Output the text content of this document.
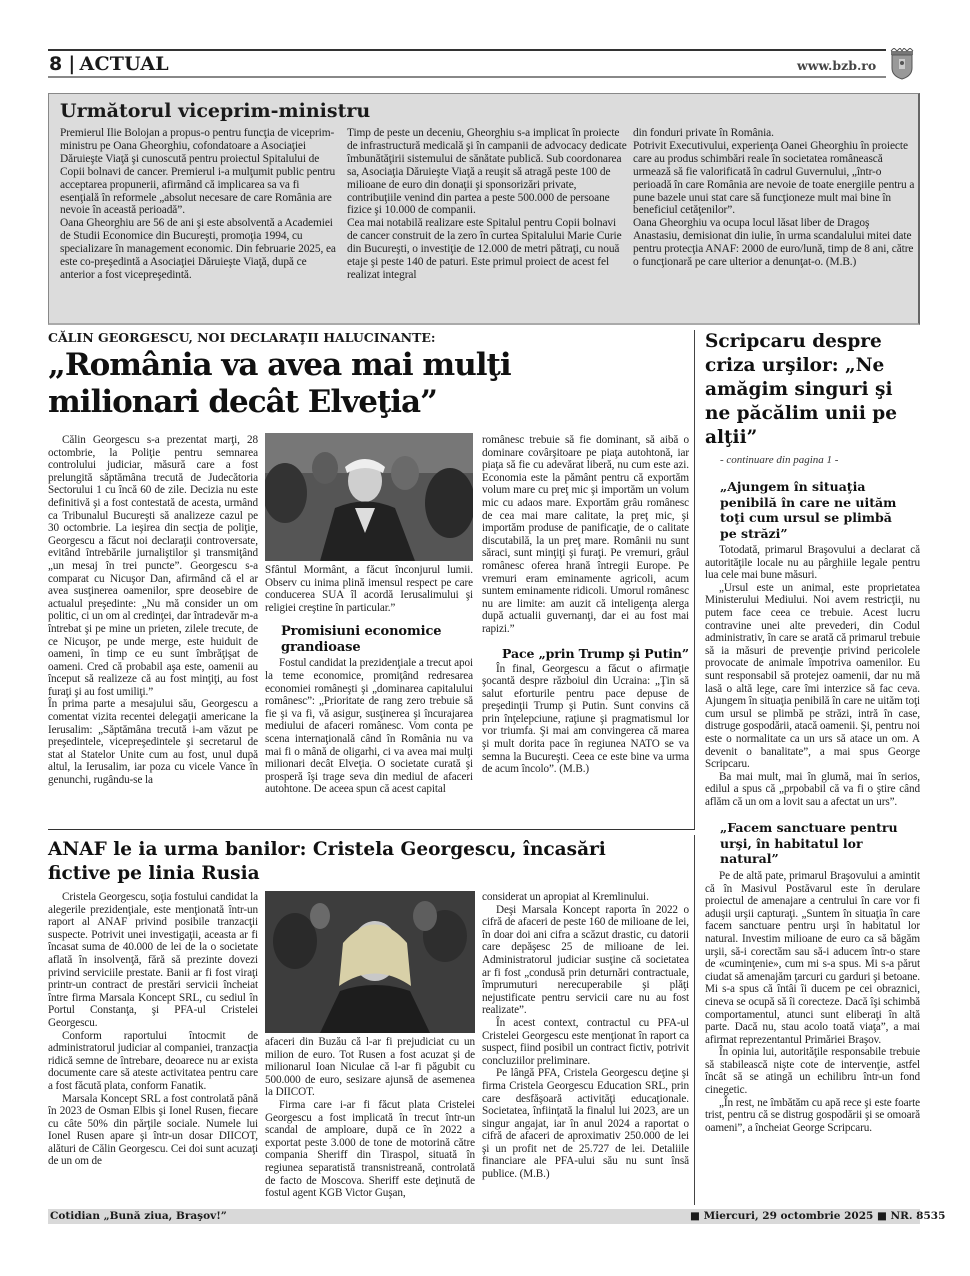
8 | ACTUAL	www.bzb.ro
Următorul viceprim-ministru
Premierul Ilie Bolojan a propus-o pentru funcţia de viceprim-ministru pe Oana Gheorghiu, cofondatoare a Asociaţiei Dăruieşte Viaţă şi cunoscută pentru proiectul Spitalului de Copii bolnavi de cancer. Premierul i-a mulţumit public pentru acceptarea propunerii, afirmând că implicarea sa va fi esenţială în reformele „absolut necesare de care România are nevoie în această perioadă”.
Oana Gheorghiu are 56 de ani şi este absolventă a Academiei de Studii Economice din Bucureşti, promoţia 1994, cu specializare în management economic. Din februarie 2025, ea este co-preşedintă a Asociaţiei Dăruieşte Viaţă, după ce anterior a fost vicepreşedintă.
Timp de peste un deceniu, Gheorghiu s-a implicat în proiecte de infrastructură medicală şi în campanii de advocacy dedicate îmbunătăţirii sistemului de sănătate publică. Sub coordonarea sa, Asociaţia Dăruieşte Viaţă a reuşit să atragă peste 100 de milioane de euro din donaţii şi sponsorizări private, contribuţiile venind din partea a peste 500.000 de persoane fizice şi 10.000 de companii.
Cea mai notabilă realizare este Spitalul pentru Copii bolnavi de cancer construit de la zero în curtea Spitalului Marie Curie din Bucureşti, o investiţie de 12.000 de metri pătraţi, cu nouă etaje şi peste 140 de paturi. Este primul proiect de acest fel realizat integral
din fonduri private în România.
Potrivit Executivului, experienţa Oanei Gheorghiu în proiecte care au produs schimbări reale în societatea românească urmează să fie valorificată în cadrul Guvernului, „într-o perioadă în care România are nevoie de toate energiile pentru a pune bazele unui stat care să funcţioneze mult mai bine în beneficiul cetăţenilor”.
Oana Gheorghiu va ocupa locul lăsat liber de Dragoş Anastasiu, demisionat din iulie, în urma scandalului mitei date pentru protecţia ANAF: 2000 de euro/lună, timp de 8 ani, către o funcţionară pe care ulterior a denunţat-o. (M.B.)
CĂLIN GEORGESCU, NOI DECLARAŢII HALUCINANTE:
„România va avea mai mulţi milionari decât Elveţia”

Călin Georgescu s-a prezentat marţi, 28 octombrie, la Poliţie pentru semnarea controlului judiciar, măsură care a fost prelungită săptămâna trecută de Judecătoria Sectorului 1 cu încă 60 de zile. Decizia nu este definitivă şi a fost contestată de acesta, urmând ca Tribunalul Bucureşti să analizeze cazul pe 30 octombrie. La ieşirea din secţia de poliţie, Georgescu a făcut noi declaraţii controversate, evitând întrebările jurnaliştilor şi transmiţând „un mesaj în trei puncte”. Georgescu s-a comparat cu Nicuşor Dan, afirmând că el ar avea susţinerea oamenilor, spre deosebire de actualul preşedinte: „Nu mă consider un om politic, ci un om al credinţei, dar întradevăr m-a întrebat şi pe mine un prieten, zilele trecute, de ce Nicuşor, pe unde merge, este huiduit de oameni, în timp ce eu sunt îmbrăţişat de oameni. Cred că probabil aşa este, oamenii au început să realizeze că au fost minţiţi, au fost furaţi şi au fost umiliţi.”

În prima parte a mesajului său, Georgescu a comentat vizita recentei delegaţii americane la Ierusalim: „Săptămâna trecută i-am văzut pe preşedintele, vicepreşedintele şi secretarul de stat al Statelor Unite cum au fost, unul după altul, la Ierusalim, iar poza cu vicele Vance în genunchi, rugându-se la

Sfântul Mormânt, a făcut înconjurul lumii. Observ cu inima plină imensul respect pe care conducerea SUA îl acordă Ierusalimului şi religiei creştine în particular.”

Promisiuni economice grandioase

Fostul candidat la prezidenţiale a trecut apoi la teme economice, promiţând redresarea economiei româneşti şi „dominarea capitalului românesc”: „Prioritate de rang zero trebuie să fie şi va fi, vă asigur, susţinerea şi încurajarea mediului de afaceri românesc. Vom conta pe scena internaţională când în România nu va mai fi o mână de oligarhi, ci va avea mai mulţi milionari decât Elveţia. O societate curată şi prosperă îşi trage seva din mediul de afaceri autohtone. De aceea spun că acest capital

românesc trebuie să fie dominant, să aibă o dominare covârşitoare pe piaţa autohtonă, iar piaţa să fie cu adevărat liberă, nu cum este azi. Economia este la pământ pentru că exportăm volum mare cu preţ mic şi importăm un volum mic cu adaos mare. Exportăm grâu românesc de cea mai mare calitate, la preţ mic, şi importăm produse de panificaţie, de o calitate discutabilă, la un preţ mare. Românii nu sunt săraci, sunt minţiţi şi furaţi. Pe vremuri, grâul românesc oferea hrană întregii Europe. Pe vremuri eram eminamente agricoli, acum suntem eminamente ridicoli. Umorul românesc nu are limite: am auzit că inteligenţa alerga după actualii guvernanţi, dar ei au fost mai rapizi.”

Pace „prin Trump şi Putin”

În final, Georgescu a făcut o afirmaţie şocantă despre războiul din Ucraina: „Ţin să salut eforturile pentru pace depuse de preşedinţii Trump şi Putin. Sunt convins că prin înţelepciune, raţiune şi pragmatismul lor vor triumfa. Şi mai am convingerea că marea şi mult dorita pace în regiunea NATO se va semna la Bucureşti. Ceea ce este bine va urma de acum încolo”. (M.B.)

ANAF le ia urma banilor: Cristela Georgescu, încasări fictive pe linia Rusia

Cristela Georgescu, soţia fostului candidat la alegerile prezidenţiale, este menţionată într-un raport al ANAF privind posibile tranzacţii suspecte. Potrivit unei investigaţii, aceasta ar fi încasat suma de 40.000 de lei de la o societate aflată în insolvenţă, fără să prezinte dovezi privind serviciile prestate. Banii ar fi fost viraţi printr-un contract de prestări servicii încheiat între firma Marsala Koncept SRL, cu sediul în Portul Constanţa, şi PFA-ul Cristelei Georgescu.

Conform raportului întocmit de administratorul judiciar al companiei, tranzacţia ridică semne de întrebare, deoarece nu ar exista documente care să ateste activitatea pentru care a fost făcută plata, conform Fanatik.

Marsala Koncept SRL a fost controlată până în 2023 de Osman Elbis şi Ionel Rusen, fiecare cu câte 50% din părţile sociale. Numele lui Ionel Rusen apare şi într-un dosar DIICOT, alături de Călin Georgescu. Cei doi sunt acuzaţi de un om de

afaceri din Buzău că l-ar fi prejudiciat cu un milion de euro. Tot Rusen a fost acuzat şi de milionarul Ioan Niculae că l-ar fi păgubit cu 500.000 de euro, sesizare ajunsă de asemenea la DIICOT.

Firma care i-ar fi făcut plata Cristelei Georgescu a fost implicată în trecut într-un scandal de amploare, după ce în 2022 a exportat peste 3.000 de tone de motorină către compania Sheriff din Tiraspol, situată în regiunea separatistă transnistreană, controlată de facto de Moscova. Sheriff este deţinută de fostul agent KGB Victor Guşan,

considerat un apropiat al Kremlinului.

Deşi Marsala Koncept raporta în 2022 o cifră de afaceri de peste 160 de milioane de lei, în doar doi ani cifra a scăzut drastic, cu datorii care depăşesc 25 de milioane de lei. Administratorul judiciar susţine că societatea ar fi fost „condusă prin deturnări contractuale, împrumuturi nerecuperabile şi plăţi nejustificate pentru servicii care nu au fost realizate”.

În acest context, contractul cu PFA-ul Cristelei Georgescu este menţionat în raport ca suspect, fiind posibil un contract fictiv, potrivit concluziilor preliminare.

Pe lângă PFA, Cristela Georgescu deţine şi firma Cristela Georgescu Education SRL, prin care desfăşoară activităţi educaţionale. Societatea, înfiinţată la finalul lui 2023, are un singur angajat, iar în anul 2024 a raportat o cifră de afaceri de aproximativ 250.000 de lei şi un profit net de 25.727 de lei. Detaliile financiare ale PFA-ului său nu sunt însă publice. (M.B.)

Scripcaru despre criza urşilor: „Ne amăgim singuri şi ne păcălim unii pe alţii”
- continuare din pagina 1 -
„Ajungem în situaţia penibilă în care ne uităm toţi cum ursul se plimbă pe străzi”

Totodată, primarul Braşovului a declarat că autorităţile locale nu au pârghiile legale pentru lua cele mai bune măsuri.

„Ursul este un animal, este proprietatea Ministerului Mediului. Noi avem restricţii, nu putem face ceea ce trebuie. Acest lucru contravine unei alte prevederi, din Codul administrativ, în care se arată că primarul trebuie să ia măsuri de prevenţie privind pericolele provocate de animale împotriva oamenilor. Eu sunt responsabil să protejez oamenii, dar nu mă lasă o altă lege, care îmi interzice să fac ceva. Ajungem în situaţia penibilă în care ne uităm toţi cum ursul se plimbă pe străzi, intră în case, distruge gospodării, atacă oamenii. Şi, pentru noi este o normalitate ca un urs să atace un om. A devenit o banalitate”, a mai spus George Scripcaru.

Ba mai mult, mai în glumă, mai în serios, edilul a spus că „prpobabil că va fi o ştire când aflăm că un om a lovit sau a afectat un urs”.

„Facem sanctuare pentru urşi, în habitatul lor natural”

Pe de altă pate, primarul Braşovului a amintit că în Masivul Postăvarul este în derulare proiectul de amenajare a centrului în care vor fi aduşii urşii capturaţi. „Suntem în situaţia în care facem sanctuare pentru urşi în habitatul lor natural. Investim milioane de euro ca să băgăm urşii, să-i corectăm sau să-i aducem într-o stare de «cuminţenie», cum mi s-a spus. Mi s-a părut ciudat să amenajăm ţarcuri cu garduri şi betoane. Mi s-a spus că întâi îi ducem pe cei obraznici, cineva se ocupă să îi corecteze. Dacă îşi schimbă comportamentul, atunci sunt eliberaţi în altă parte. Dacă nu, stau acolo toată viaţa”, a mai afirmat reprezentantul Primăriei Braşov.

În opinia lui, autorităţile responsabile trebuie să stabilească nişte cote de intervenţie, astfel încât să se atingă un echilibru într-un fond cinegetic.

„În rest, ne îmbătăm cu apă rece şi este foarte trist, pentru că se distrug gospodării şi se omoară oameni”, a încheiat George Scripcaru.

Cotidian „Bună ziua, Braşov!”	■ Miercuri, 29 octombrie 2025 ■ NR. 8535
